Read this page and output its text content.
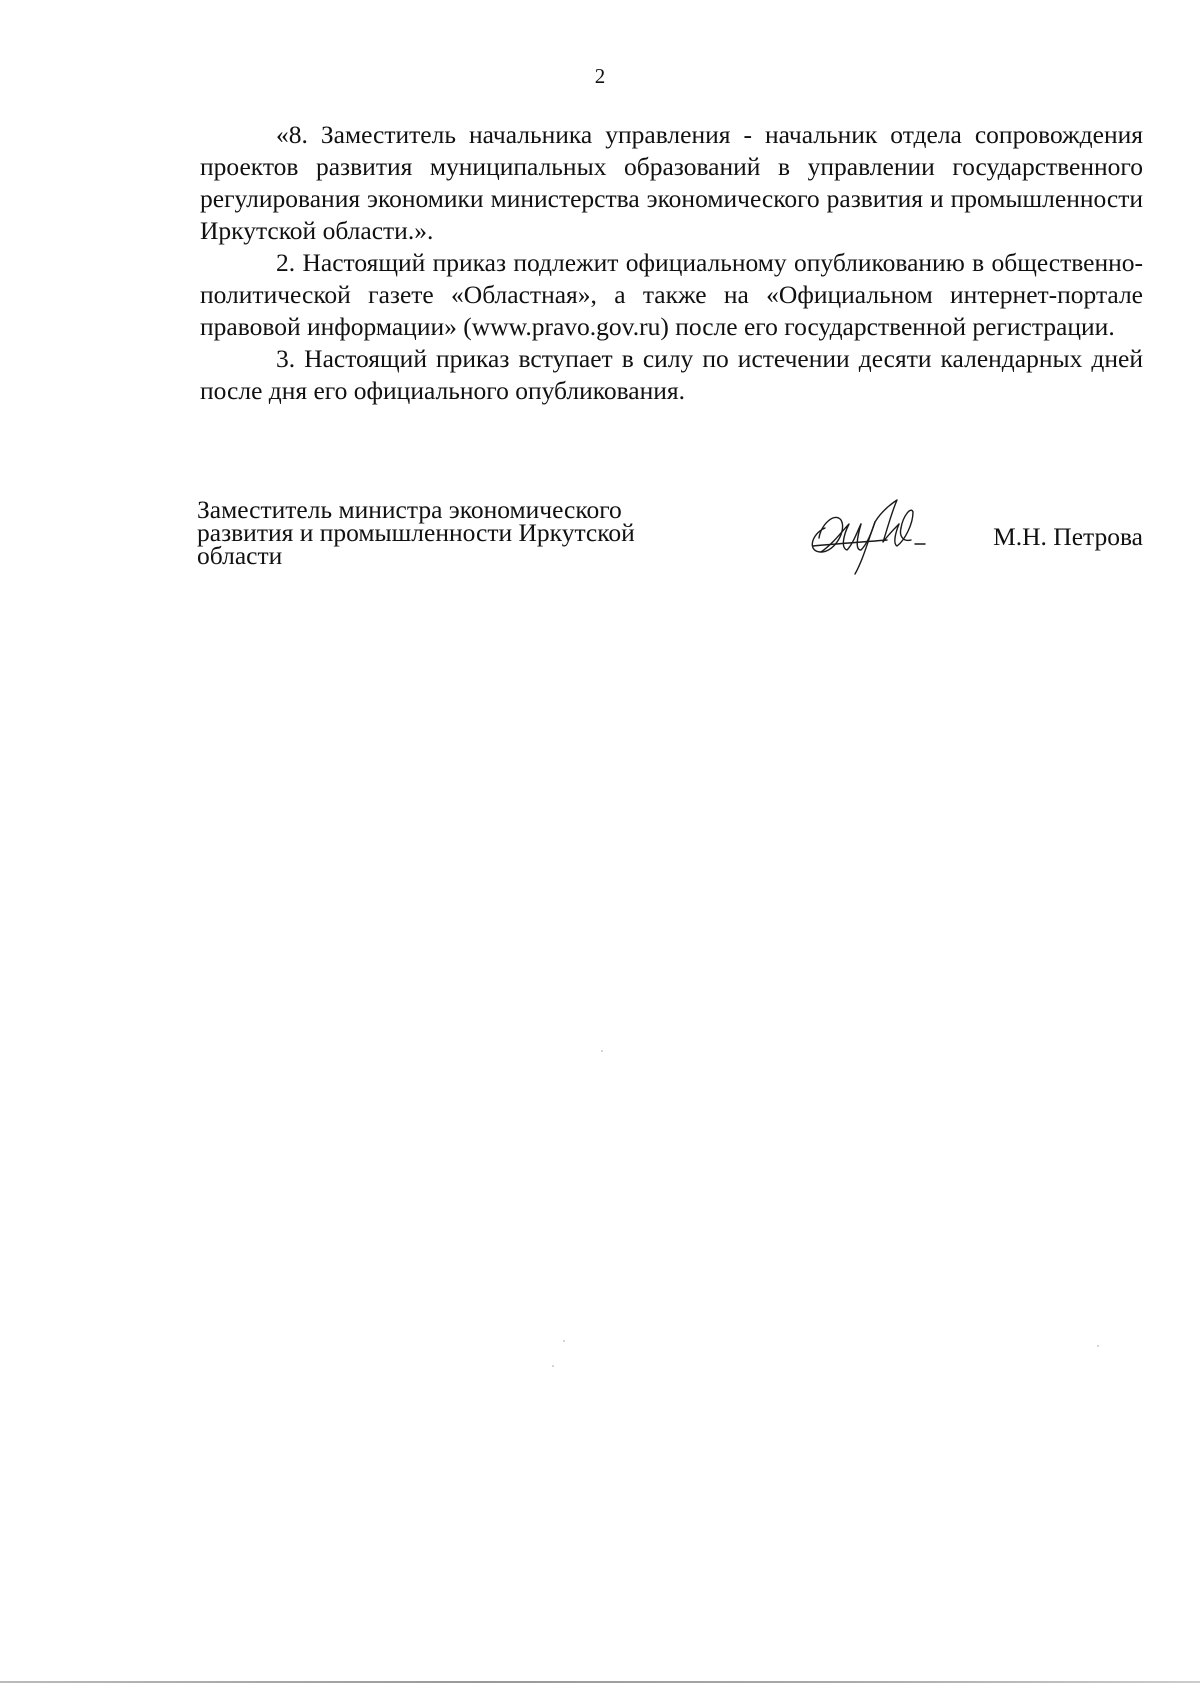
2

«8. Заместитель начальника управления - начальник отдела сопровождения проектов развития муниципальных образований в управлении государственного регулирования экономики министерства экономического развития и промышленности Иркутской области.».

2. Настоящий приказ подлежит официальному опубликованию в общественно-политической газете «Областная», а также на «Официальном интернет-портале правовой информации» (www.pravo.gov.ru) после его государственной регистрации.

3. Настоящий приказ вступает в силу по истечении десяти календарных дней после дня его официального опубликования.

Заместитель министра экономического
развития и промышленности Иркутской
области
М.Н. Петрова
